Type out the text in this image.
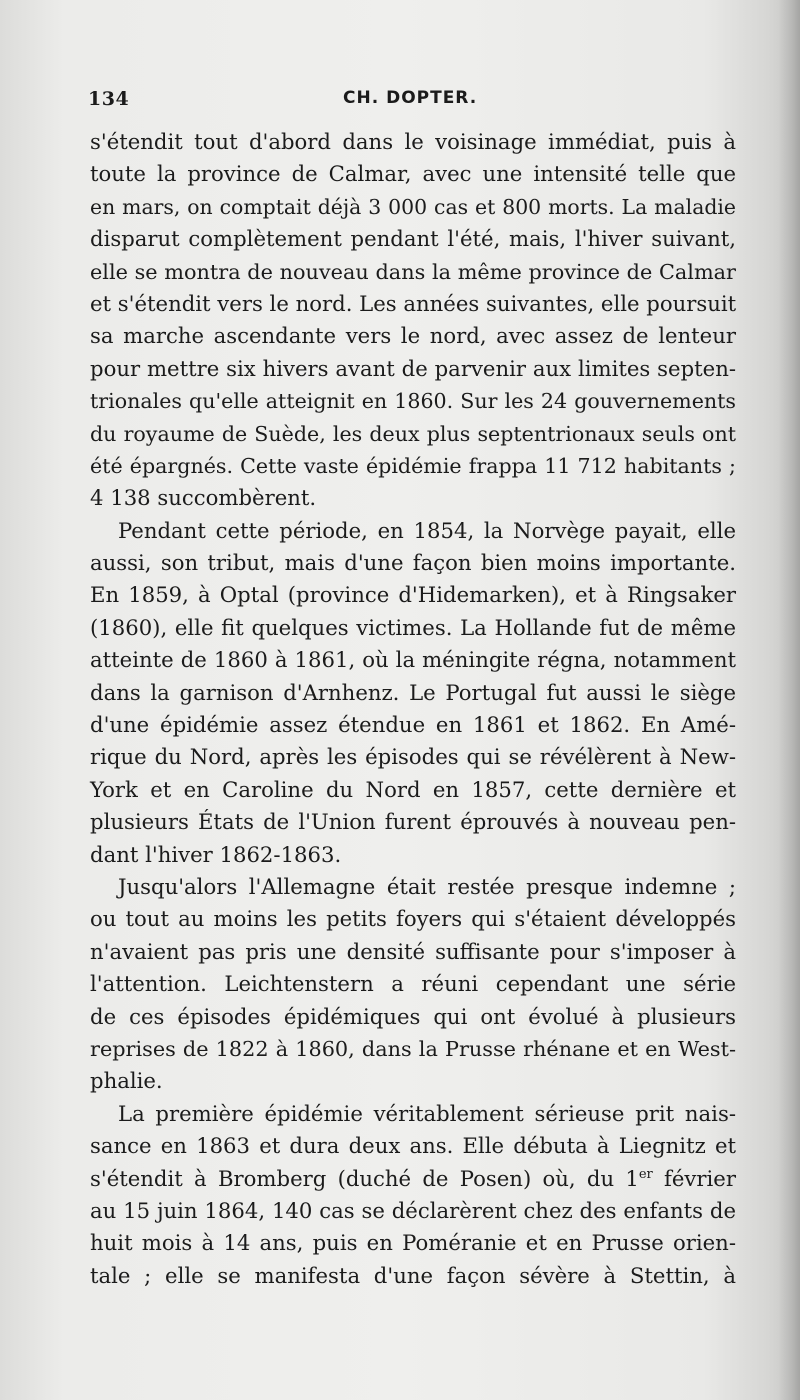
134	CH. DOPTER.
s'étendit tout d'abord dans le voisinage immédiat, puis à
toute la province de Calmar, avec une intensité telle que
en mars, on comptait déjà 3 000 cas et 800 morts. La maladie
disparut complètement pendant l'été, mais, l'hiver suivant,
elle se montra de nouveau dans la même province de Calmar
et s'étendit vers le nord. Les années suivantes, elle poursuit
sa marche ascendante vers le nord, avec assez de lenteur
pour mettre six hivers avant de parvenir aux limites septen-
trionales qu'elle atteignit en 1860. Sur les 24 gouvernements
du royaume de Suède, les deux plus septentrionaux seuls ont
été épargnés. Cette vaste épidémie frappa 11 712 habitants ;
4 138 succombèrent.
Pendant cette période, en 1854, la Norvège payait, elle
aussi, son tribut, mais d'une façon bien moins importante.
En 1859, à Optal (province d'Hidemarken), et à Ringsaker
(1860), elle fit quelques victimes. La Hollande fut de même
atteinte de 1860 à 1861, où la méningite régna, notamment
dans la garnison d'Arnhenz. Le Portugal fut aussi le siège
d'une épidémie assez étendue en 1861 et 1862. En Amé-
rique du Nord, après les épisodes qui se révélèrent à New-
York et en Caroline du Nord en 1857, cette dernière et
plusieurs États de l'Union furent éprouvés à nouveau pen-
dant l'hiver 1862-1863.
Jusqu'alors l'Allemagne était restée presque indemne ;
ou tout au moins les petits foyers qui s'étaient développés
n'avaient pas pris une densité suffisante pour s'imposer à
l'attention. Leichtenstern a réuni cependant une série
de ces épisodes épidémiques qui ont évolué à plusieurs
reprises de 1822 à 1860, dans la Prusse rhénane et en West-
phalie.
La première épidémie véritablement sérieuse prit nais-
sance en 1863 et dura deux ans. Elle débuta à Liegnitz et
s'étendit à Bromberg (duché de Posen) où, du 1er février
au 15 juin 1864, 140 cas se déclarèrent chez des enfants de
huit mois à 14 ans, puis en Poméranie et en Prusse orien-
tale ; elle se manifesta d'une façon sévère à Stettin, à
